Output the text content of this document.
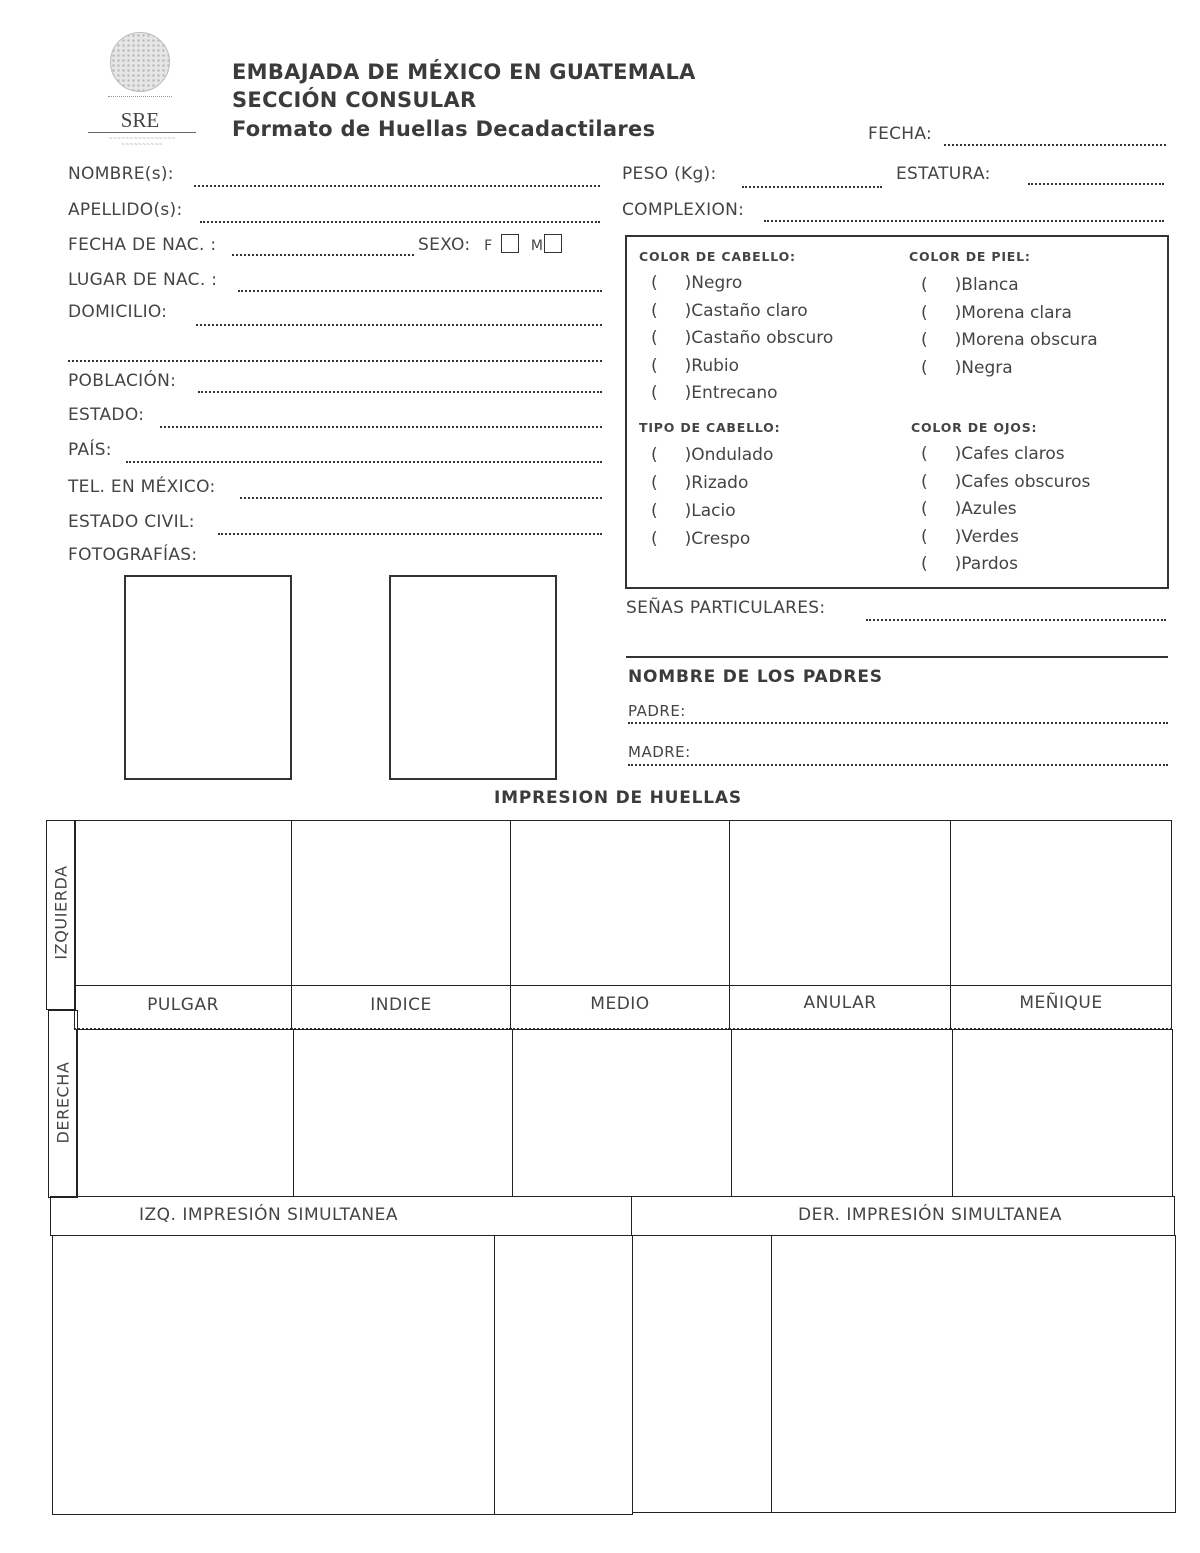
SRE
~~~~~~~~~~~~~~~~
~~~~~~~~~~
EMBAJADA DE MÉXICO EN GUATEMALA
SECCIÓN CONSULAR
Formato de Huellas Decadactilares	FECHA:
NOMBRE(s):
APELLIDO(s):
FECHA DE NAC. :	SEXO: F	M
LUGAR DE NAC. :
DOMICILIO:
POBLACIÓN:
ESTADO:
PAÍS:
TEL. EN MÉXICO:
ESTADO CIVIL:
FOTOGRAFÍAS:
PESO (Kg):	ESTATURA:
COMPLEXION:
COLOR DE CABELLO:
(     )Negro
(     )Castaño claro
(     )Castaño obscuro
(     )Rubio
(     )Entrecano
COLOR DE PIEL:
(     )Blanca
(     )Morena clara
(     )Morena obscura
(     )Negra
TIPO DE CABELLO:
(     )Ondulado
(     )Rizado
(     )Lacio
(     )Crespo
COLOR DE OJOS:
(     )Cafes claros
(     )Cafes obscuros
(     )Azules
(     )Verdes
(     )Pardos
SEÑAS PARTICULARES:
NOMBRE DE LOS PADRES
PADRE:
MADRE:
IMPRESION DE HUELLAS
IZQUIERDA
DERECHA
PULGAR	INDICE	MEDIO	ANULAR	MEÑIQUE
IZQ. IMPRESIÓN SIMULTANEA	DER. IMPRESIÓN SIMULTANEA
